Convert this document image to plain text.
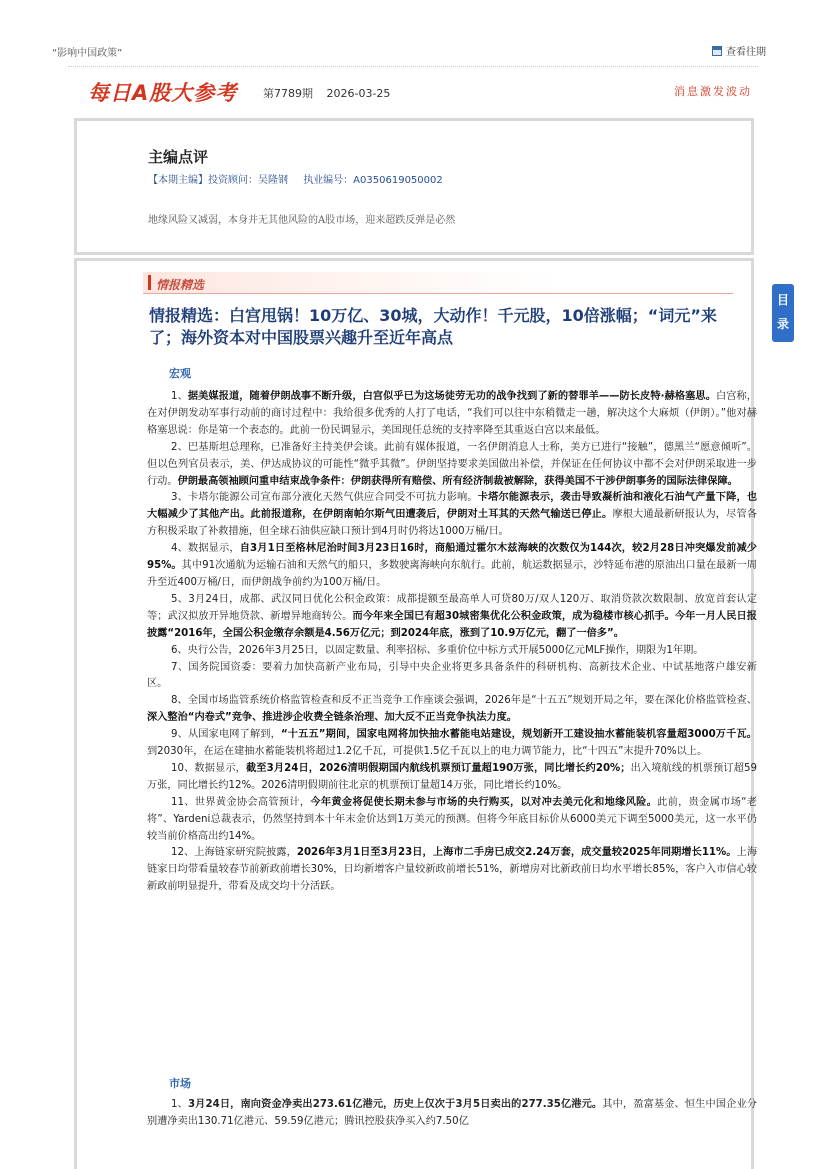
“影响中国政策”	查看往期
每日A股大参考 第7789期 2026-03-25	消息激发波动
主编点评
【本期主编】投资顾问：吴隆钢 执业编号：A0350619050002
地缘风险又减弱，本身并无其他风险的A股市场，迎来超跌反弹是必然
情报精选
情报精选：白宫甩锅！10万亿、30城，大动作！千元股，10倍涨幅；“词元”来了；海外资本对中国股票兴趣升至近年高点
宏观

1、据美媒报道，随着伊朗战事不断升级，白宫似乎已为这场徒劳无功的战争找到了新的替罪羊——防长皮特·赫格塞思。白宫称，在对伊朗发动军事行动前的商讨过程中：我给很多优秀的人打了电话，“我们可以往中东稍微走一趟，解决这个大麻烦（伊朗）。”他对赫格塞思说：你是第一个表态的。此前一份民调显示，美国现任总统的支持率降至其重返白宫以来最低。

2、巴基斯坦总理称，已准备好主持美伊会谈。此前有媒体报道，一名伊朗消息人士称，美方已进行“接触”，德黑兰“愿意倾听”。但以色列官员表示，美、伊达成协议的可能性“微乎其微”。伊朗坚持要求美国做出补偿，并保证在任何协议中都不会对伊朗采取进一步行动。伊朗最高领袖顾问重申结束战争条件：伊朗获得所有赔偿、所有经济制裁被解除，获得美国不干涉伊朗事务的国际法律保障。

3、卡塔尔能源公司宣布部分液化天然气供应合同受不可抗力影响。卡塔尔能源表示，袭击导致凝析油和液化石油气产量下降，也大幅减少了其他产出。此前报道称，在伊朗南帕尔斯气田遭袭后，伊朗对土耳其的天然气输送已停止。摩根大通最新研报认为，尽管各方积极采取了补救措施，但全球石油供应缺口预计到4月时仍将达1000万桶/日。

4、数据显示，自3月1日至格林尼治时间3月23日16时，商船通过霍尔木兹海峡的次数仅为144次，较2月28日冲突爆发前减少95%。其中91次通航为运输石油和天然气的船只，多数驶离海峡向东航行。此前，航运数据显示，沙特延布港的原油出口量在最新一周升至近400万桶/日，而伊朗战争前约为100万桶/日。

5、3月24日，成都、武汉同日优化公积金政策：成都提额至最高单人可贷80万/双人120万、取消贷款次数限制、放宽首套认定等；武汉拟放开异地贷款、新增异地商转公。而今年来全国已有超30城密集优化公积金政策，成为稳楼市核心抓手。今年一月人民日报披露“2016年，全国公积金缴存余额是4.56万亿元；到2024年底，涨到了10.9万亿元，翻了一倍多”。

6、央行公告，2026年3月25日，以固定数量、利率招标、多重价位中标方式开展5000亿元MLF操作，期限为1年期。

7、国务院国资委：要着力加快高新产业布局，引导中央企业将更多具备条件的科研机构、高新技术企业、中试基地落户雄安新区。

8、全国市场监管系统价格监管检查和反不正当竞争工作座谈会强调，2026年是“十五五”规划开局之年，要在深化价格监管检查、深入整治“内卷式”竞争、推进涉企收费全链条治理、加大反不正当竞争执法力度。

9、从国家电网了解到，“十五五”期间，国家电网将加快抽水蓄能电站建设，规划新开工建设抽水蓄能装机容量超3000万千瓦。到2030年，在运在建抽水蓄能装机将超过1.2亿千瓦，可提供1.5亿千瓦以上的电力调节能力，比“十四五”末提升70%以上。

10、数据显示，截至3月24日，2026清明假期国内航线机票预订量超190万张，同比增长约20%；出入境航线的机票预订超59万张，同比增长约12%。2026清明假期前往北京的机票预订量超14万张，同比增长约10%。

11、世界黄金协会高管预计，今年黄金将促使长期未参与市场的央行购买，以对冲去美元化和地缘风险。此前，贵金属市场“老将”、Yardeni总裁表示，仍然坚持到本十年末金价达到1万美元的预测。但将今年底目标价从6000美元下调至5000美元，这一水平仍较当前价格高出约14%。

12、上海链家研究院披露，2026年3月1日至3月23日，上海市二手房已成交2.24万套，成交量较2025年同期增长11%。上海链家日均带看量较春节前新政前增长30%，日均新增客户量较新政前增长51%，新增房对比新政前日均水平增长85%，客户入市信心较新政前明显提升，带看及成交均十分活跃。

市场

1、3月24日，南向资金净卖出273.61亿港元，历史上仅次于3月5日卖出的277.35亿港元。其中，盈富基金、恒生中国企业分别遭净卖出130.71亿港元、59.59亿港元；腾讯控股获净买入约7.50亿

目录
